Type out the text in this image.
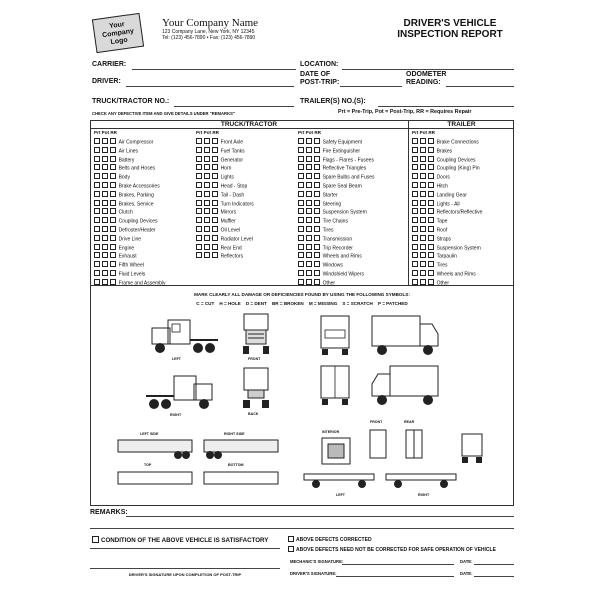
Your Company Logo
Your Company Name
123 Company Lane, New York, NY 12345
Tel: (123) 456-7890 • Fax: (123) 456-7890
DRIVER'S VEHICLE
INSPECTION REPORT
CARRIER:	LOCATION:
DRIVER:
DATE OF
POST-TRIP:
ODOMETER
READING:
TRUCK/TRACTOR NO.:	TRAILER(S) NO.(S):
CHECK ANY DEFECTIVE ITEM AND GIVE DETAILS UNDER "REMARKS"	Prt = Pre-Trip, Pot = Post-Trip, RR = Requires Repair
TRUCK/TRACTOR	TRAILER
Prt Pot RR	Prt Pot RR	Prt Pot RR	Prt Pot RR
Air Compressor
Air Lines
Battery
Belts and Hoses
Body
Brake Accessories
Brakes, Parking
Brakes, Service
Clutch
Coupling Devices
Defroster/Heater
Drive Line
Engine
Exhaust
Fifth Wheel
Fluid Levels
Frame and Assembly
Front Axle
Fuel Tanks
Generator
Horn
Lights
Head - Stop
Tail - Dash
Turn Indicators
Mirrors
Muffler
Oil Level
Radiator Level
Rear End
Reflectors
Safety Equipment
Fire Extinguisher
Flags - Flares - Fusees
Reflective Triangles
Spare Bulbs and Fuses
Spare Seal Beam
Starter
Steering
Suspension System
Tire Chains
Tires
Transmission
Trip Recorder
Wheels and Rims
Windows
Windshield Wipers
Other
Brake Connections
Brakes
Coupling Devices
Coupling (King) Pin
Doors
Hitch
Landing Gear
Lights - All
Reflectors/Reflective
Tape
Roof
Straps
Suspension System
Tarpaulin
Tires
Wheels and Rims
Other
MARK CLEARLY ALL DAMAGE OR DEFICIENCIES FOUND BY USING THE FOLLOWING SYMBOLS:
C = CUT    H = HOLE    D = DENT    BR = BROKEN    M = MISSING    S = SCRATCH    P = PATCHED
LEFT	FRONT
RIGHT	BACK
LEFT SIDE	RIGHT SIDE
TOP	BOTTOM
INTERIOR
FRONT	REAR
LEFT	RIGHT
REMARKS:
CONDITION OF THE ABOVE VEHICLE IS SATISFACTORY	ABOVE DEFECTS CORRECTED
ABOVE DEFECTS NEED NOT BE CORRECTED FOR SAFE OPERATION OF VEHICLE
MECHANIC'S SIGNATURE:	DATE:
DRIVER'S SIGNATURE:	DATE:
DRIVER'S SIGNATURE UPON COMPLETION OF POST-TRIP
